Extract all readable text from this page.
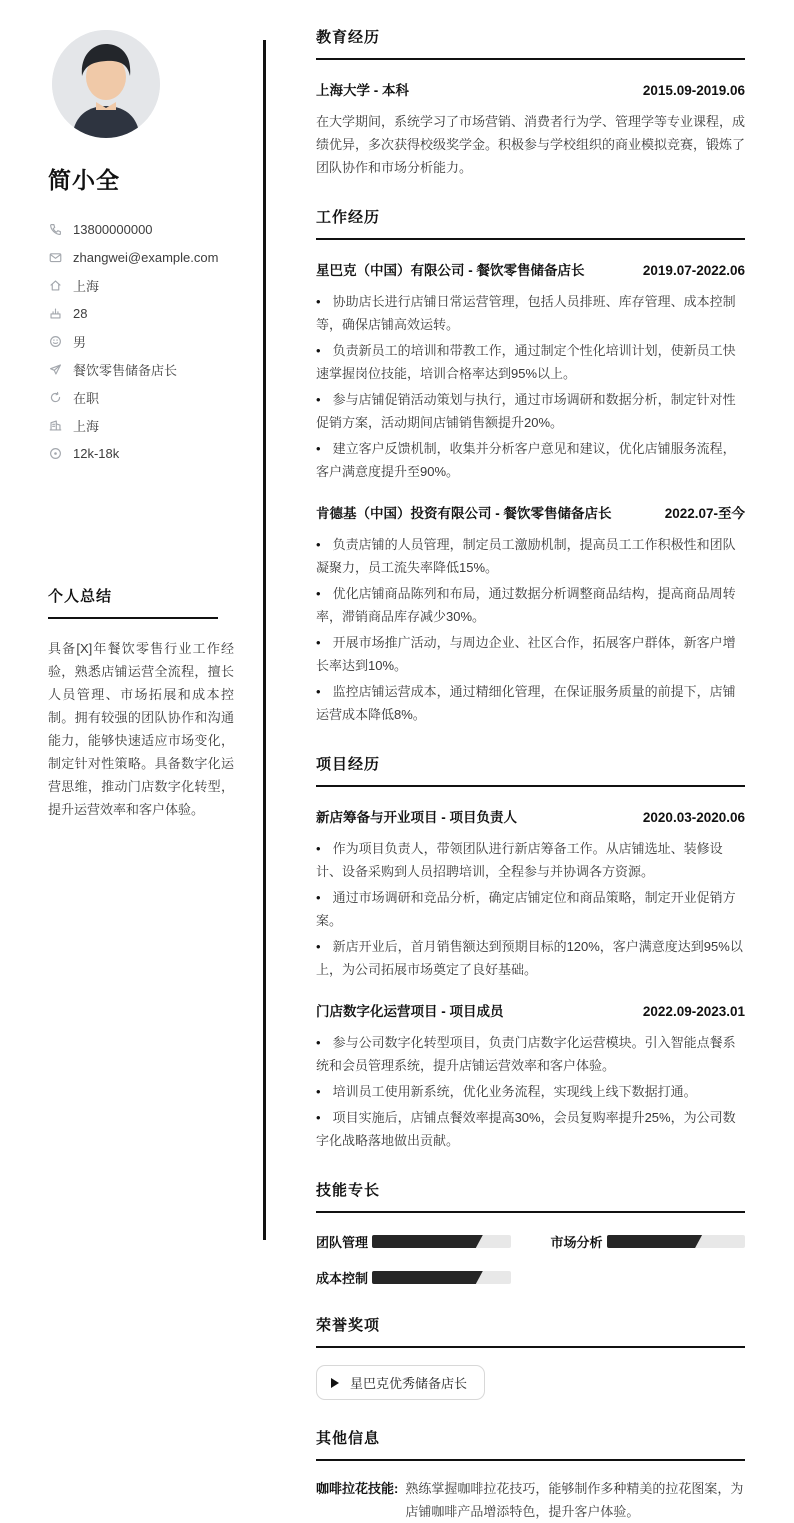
简小全
13800000000
zhangwei@example.com
上海
28
男
餐饮零售储备店长
在职
上海
12k-18k
个人总结
具备[X]年餐饮零售行业工作经验，熟悉店铺运营全流程，擅长人员管理、市场拓展和成本控制。拥有较强的团队协作和沟通能力，能够快速适应市场变化，制定针对性策略。具备数字化运营思维，推动门店数字化转型，提升运营效率和客户体验。
教育经历
上海大学 - 本科	2015.09-2019.06

在大学期间，系统学习了市场营销、消费者行为学、管理学等专业课程，成绩优异，多次获得校级奖学金。积极参与学校组织的商业模拟竞赛，锻炼了团队协作和市场分析能力。

工作经历
星巴克（中国）有限公司 - 餐饮零售储备店长	2019.07-2022.06

• 协助店长进行店铺日常运营管理，包括人员排班、库存管理、成本控制等，确保店铺高效运转。

• 负责新员工的培训和带教工作，通过制定个性化培训计划，使新员工快速掌握岗位技能，培训合格率达到95%以上。

• 参与店铺促销活动策划与执行，通过市场调研和数据分析，制定针对性促销方案，活动期间店铺销售额提升20%。

• 建立客户反馈机制，收集并分析客户意见和建议，优化店铺服务流程，客户满意度提升至90%。

肯德基（中国）投资有限公司 - 餐饮零售储备店长	2022.07-至今

• 负责店铺的人员管理，制定员工激励机制，提高员工工作积极性和团队凝聚力，员工流失率降低15%。

• 优化店铺商品陈列和布局，通过数据分析调整商品结构，提高商品周转率，滞销商品库存减少30%。

• 开展市场推广活动，与周边企业、社区合作，拓展客户群体，新客户增长率达到10%。

• 监控店铺运营成本，通过精细化管理，在保证服务质量的前提下，店铺运营成本降低8%。

项目经历
新店筹备与开业项目 - 项目负责人	2020.03-2020.06

• 作为项目负责人，带领团队进行新店筹备工作。从店铺选址、装修设计、设备采购到人员招聘培训，全程参与并协调各方资源。

• 通过市场调研和竞品分析，确定店铺定位和商品策略，制定开业促销方案。

• 新店开业后，首月销售额达到预期目标的120%，客户满意度达到95%以上，为公司拓展市场奠定了良好基础。

门店数字化运营项目 - 项目成员	2022.09-2023.01

• 参与公司数字化转型项目，负责门店数字化运营模块。引入智能点餐系统和会员管理系统，提升店铺运营效率和客户体验。

• 培训员工使用新系统，优化业务流程，实现线上线下数据打通。

• 项目实施后，店铺点餐效率提高30%，会员复购率提升25%，为公司数字化战略落地做出贡献。

技能专长
团队管理	市场分析
成本控制
荣誉奖项
星巴克优秀储备店长
其他信息
咖啡拉花技能: 熟练掌握咖啡拉花技巧，能够制作多种精美的拉花图案，为店铺咖啡产品增添特色，提升客户体验。
